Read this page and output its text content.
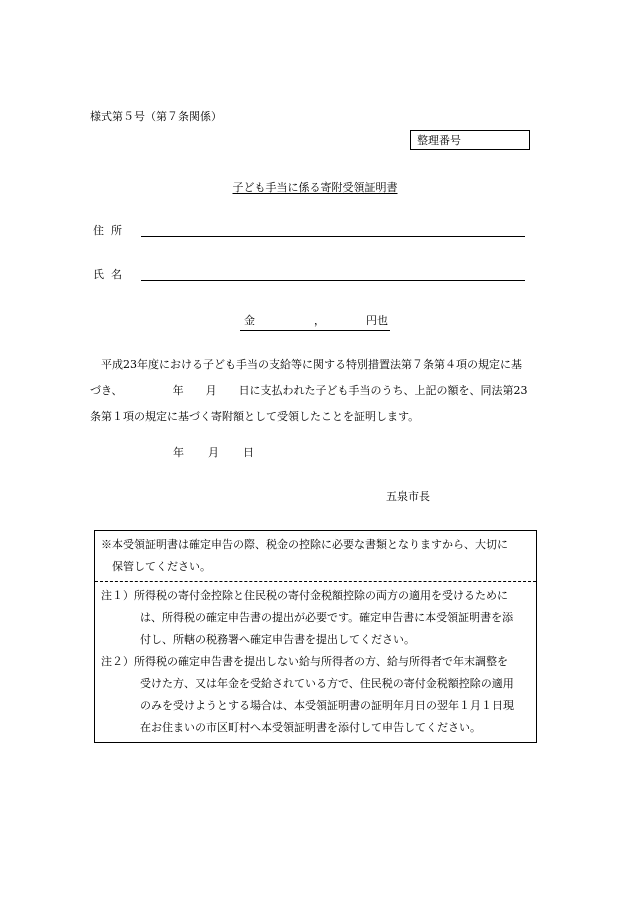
様式第５号（第７条関係）
整理番号
子ども手当に係る寄附受領証明書
住所
氏名
金	，	円也

平成23年度における子ども手当の支給等に関する特別措置法第７条第４項の規定に基

づき、	年 月 日に支払われた子ども手当のうち、上記の額を、同法第23

条第１項の規定に基づく寄附額として受領したことを証明します。

年 月 日
五泉市長

※本受領証明書は確定申告の際、税金の控除に必要な書類となりますから、大切に

保管してください。

注１）所得税の寄付金控除と住民税の寄付金税額控除の両方の適用を受けるために

は、所得税の確定申告書の提出が必要です。確定申告書に本受領証明書を添

付し、所轄の税務署へ確定申告書を提出してください。

注２）所得税の確定申告書を提出しない給与所得者の方、給与所得者で年末調整を

受けた方、又は年金を受給されている方で、住民税の寄付金税額控除の適用

のみを受けようとする場合は、本受領証明書の証明年月日の翌年１月１日現

在お住まいの市区町村へ本受領証明書を添付して申告してください。
